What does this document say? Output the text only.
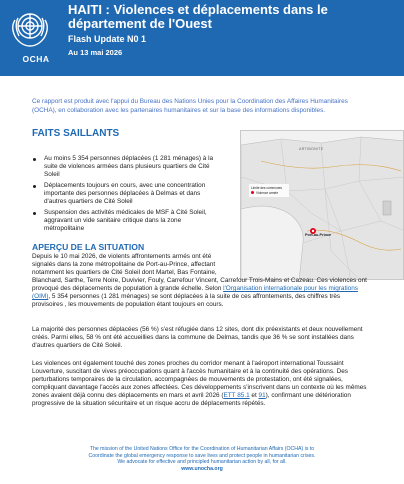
OCHA
HAITI : Violences et déplacements dans le département de l'Ouest
Flash Update N0 1
Au 13 mai 2026

Ce rapport est produit avec l'appui du Bureau des Nations Unies pour la Coordination des Affaires Humanitaires (OCHA), en collaboration avec les partenaires humanitaires et sur la base des informations disponibles.

FAITS SAILLANTS
Au moins 5 354 personnes déplacées (1 281 ménages) à la suite de violences armées dans plusieurs quartiers de Cité Soleil
Déplacements toujours en cours, avec une concentration importante des personnes déplacées à Delmas et dans d'autres quartiers de Cité Soleil
Suspension des activités médicales de MSF à Cité Soleil, aggravant un vide sanitaire critique dans la zone métropolitaine
ARTIBONITE
Limite des communes
Violence armée
Port-au-Prince
APERÇU DE LA SITUATION

Depuis le 10 mai 2026, de violents affrontements armés ont été signalés dans la zone métropolitaine de Port-au-Prince, affectant notamment les quartiers de Cité Soleil dont Martel, Bas Fontaine,
Blanchard, Sarthe, Terre Noire, Duvivier, Fouly, Carrefour Vincent, Carrefour Trois-Mains et Cazeau. Ces violences ont provoqué des déplacements de population à grande échelle. Selon l'Organisation internationale pour les migrations (OIM), 5 354 personnes (1 281 ménages) se sont déplacées à la suite de ces affrontements, des chiffres très provisoires , les mouvements de population étant toujours en cours.

La majorité des personnes déplacées (56 %) s'est réfugiée dans 12 sites, dont dix préexistants et deux nouvellement créés. Parmi elles, 58 % ont été accueillies dans la commune de Delmas, tandis que 36 % se sont installées dans d'autres quartiers de Cité Soleil.

Les violences ont également touché des zones proches du corridor menant à l'aéroport international Toussaint Louverture, suscitant de vives préoccupations quant à l'accès humanitaire et à la continuité des opérations. Des perturbations temporaires de la circulation, accompagnées de mouvements de protestation, ont été signalées, compliquant davantage l'accès aux zones affectées. Ces développements s'inscrivent dans un contexte où les mêmes zones avaient déjà connu des déplacements en mars et avril 2026 (ETT 85.1 et 91), confirmant une détérioration progressive de la situation sécuritaire et un risque accru de déplacements répétés.

The mission of the United Nations Office for the Coordination of Humanitarian Affairs (OCHA) is to
Coordinate the global emergency response to save lives and protect people in humanitarian crises.
We advocate for effective and principled humanitarian action by all, for all.
www.unocha.org
